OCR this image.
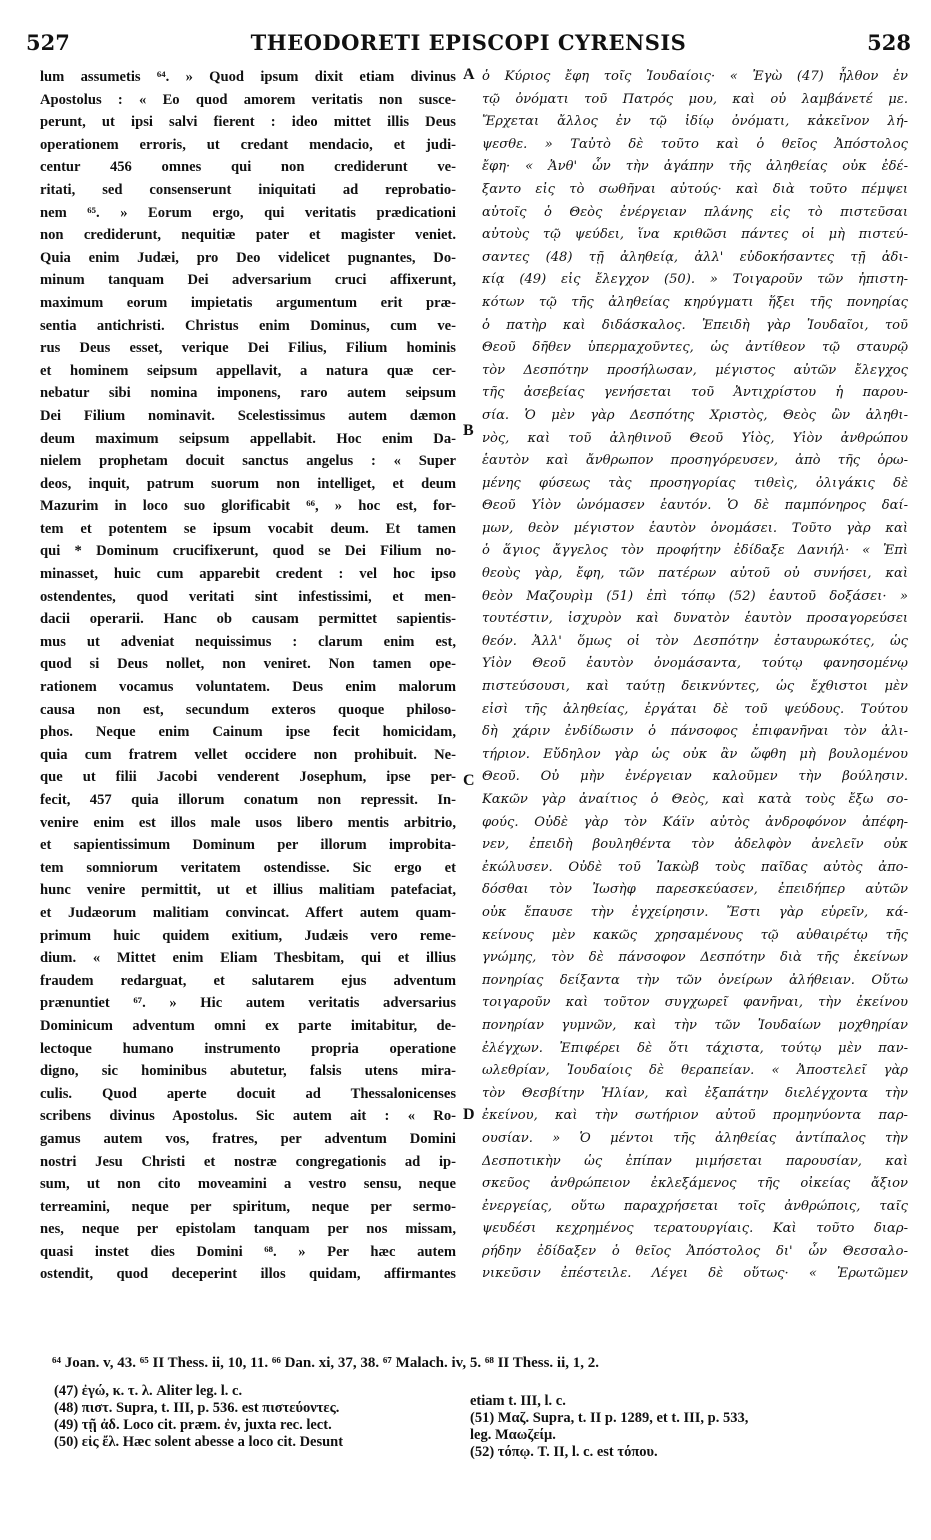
527	THEODORETI EPISCOPI CYRENSIS	528
lum assumetis ⁶⁴. » Quod ipsum dixit etiam divinus
Apostolus : « Eo quod amorem veritatis non susce-
perunt, ut ipsi salvi fierent : ideo mittet illis Deus
operationem erroris, ut credant mendacio, et judi-
centur 456 omnes qui non crediderunt ve-
ritati, sed consenserunt iniquitati ad reprobatio-
nem ⁶⁵. » Eorum ergo, qui veritatis prædicationi
non crediderunt, nequitiæ pater et magister veniet.
Quia enim Judæi, pro Deo videlicet pugnantes, Do-
minum tanquam Dei adversarium cruci affixerunt,
maximum eorum impietatis argumentum erit præ-
sentia antichristi. Christus enim Dominus, cum ve-
rus Deus esset, verique Dei Filius, Filium hominis
et hominem seipsum appellavit, a natura quæ cer-
nebatur sibi nomina imponens, raro autem seipsum
Dei Filium nominavit. Scelestissimus autem dæmon
deum maximum seipsum appellabit. Hoc enim Da-
nielem prophetam docuit sanctus angelus : « Super
deos, inquit, patrum suorum non intelliget, et deum
Mazurim in loco suo glorificabit ⁶⁶, » hoc est, for-
tem et potentem se ipsum vocabit deum. Et tamen
qui * Dominum crucifixerunt, quod se Dei Filium no-
minasset, huic cum apparebit credent : vel hoc ipso
ostendentes, quod veritati sint infestissimi, et men-
dacii operarii. Hanc ob causam permittet sapientis-
mus ut adveniat nequissimus : clarum enim est,
quod si Deus nollet, non veniret. Non tamen ope-
rationem vocamus voluntatem. Deus enim malorum
causa non est, secundum exteros quoque philoso-
phos. Neque enim Cainum ipse fecit homicidam,
quia cum fratrem vellet occidere non prohibuit. Ne-
que ut filii Jacobi venderent Josephum, ipse per-
fecit, 457 quia illorum conatum non repressit. In-
venire enim est illos male usos libero mentis arbitrio,
et sapientissimum Dominum per illorum improbita-
tem somniorum veritatem ostendisse. Sic ergo et
hunc venire permittit, ut et illius malitiam patefaciat,
et Judæorum malitiam convincat. Affert autem quam-
primum huic quidem exitium, Judæis vero reme-
dium. « Mittet enim Eliam Thesbitam, qui et illius
fraudem redarguat, et salutarem ejus adventum
prænuntiet ⁶⁷. » Hic autem veritatis adversarius
Dominicum adventum omni ex parte imitabitur, de-
lectoque humano instrumento propria operatione
digno, sic hominibus abutetur, falsis utens mira-
culis. Quod aperte docuit ad Thessalonicenses
scribens divinus Apostolus. Sic autem ait : « Ro-
gamus autem vos, fratres, per adventum Domini
nostri Jesu Christi et nostræ congregationis ad ip-
sum, ut non cito moveamini a vestro sensu, neque
terreamini, neque per spiritum, neque per sermo-
nes, neque per epistolam tanquam per nos missam,
quasi instet dies Domini ⁶⁸. » Per hæc autem
ostendit, quod deceperint illos quidam, affirmantes
A
B
C
D
ὁ Κύριος ἔφη τοῖς Ἰουδαίοις· « Ἐγὼ (47) ἦλθον ἐν
τῷ ὀνόματι τοῦ Πατρός μου, καὶ οὐ λαμβάνετέ με.
Ἔρχεται ἄλλος ἐν τῷ ἰδίῳ ὀνόματι, κἀκεῖνον λή-
ψεσθε. » Ταὐτὸ δὲ τοῦτο καὶ ὁ θεῖος Ἀπόστολος
ἔφη· « Ἀνθ' ὧν τὴν ἀγάπην τῆς ἀληθείας οὐκ ἐδέ-
ξαντο εἰς τὸ σωθῆναι αὐτούς· καὶ διὰ τοῦτο πέμψει
αὐτοῖς ὁ Θεὸς ἐνέργειαν πλάνης εἰς τὸ πιστεῦσαι
αὐτοὺς τῷ ψεύδει, ἵνα κριθῶσι πάντες οἱ μὴ πιστεύ-
σαντες (48) τῇ ἀληθείᾳ, ἀλλ' εὐδοκήσαντες τῇ ἀδι-
κίᾳ (49) εἰς ἔλεγχον (50). » Τοιγαροῦν τῶν ἠπιστη-
κότων τῷ τῆς ἀληθείας κηρύγματι ἥξει τῆς πονηρίας
ὁ πατὴρ καὶ διδάσκαλος. Ἐπειδὴ γὰρ Ἰουδαῖοι, τοῦ
Θεοῦ δῆθεν ὑπερμαχοῦντες, ὡς ἀντίθεον τῷ σταυρῷ
τὸν Δεσπότην προσήλωσαν, μέγιστος αὐτῶν ἔλεγχος
τῆς ἀσεβείας γενήσεται τοῦ Ἀντιχρίστου ἡ παρου-
σία. Ὁ μὲν γὰρ Δεσπότης Χριστὸς, Θεὸς ὢν ἀληθι-
νὸς, καὶ τοῦ ἀληθινοῦ Θεοῦ Υἱὸς, Υἱὸν ἀνθρώπου
ἑαυτὸν καὶ ἄνθρωπον προσηγόρευσεν, ἀπὸ τῆς ὁρω-
μένης φύσεως τὰς προσηγορίας τιθεὶς, ὀλιγάκις δὲ
Θεοῦ Υἱὸν ὠνόμασεν ἑαυτόν. Ὁ δὲ παμπόνηρος δαί-
μων, θεὸν μέγιστον ἑαυτὸν ὀνομάσει. Τοῦτο γὰρ καὶ
ὁ ἅγιος ἄγγελος τὸν προφήτην ἐδίδαξε Δανιήλ· « Ἐπὶ
θεοὺς γὰρ, ἔφη, τῶν πατέρων αὐτοῦ οὐ συνήσει, καὶ
θεὸν Μαζουρὶμ (51) ἐπὶ τόπῳ (52) ἑαυτοῦ δοξάσει· »
τουτέστιν, ἰσχυρὸν καὶ δυνατὸν ἑαυτὸν προσαγορεύσει
θεόν. Ἀλλ' ὅμως οἱ τὸν Δεσπότην ἐσταυρωκότες, ὡς
Υἱὸν Θεοῦ ἑαυτὸν ὀνομάσαντα, τούτῳ φανησομένῳ
πιστεύσουσι, καὶ ταύτῃ δεικνύντες, ὡς ἔχθιστοι μὲν
εἰσὶ τῆς ἀληθείας, ἐργάται δὲ τοῦ ψεύδους. Τούτου
δὴ χάριν ἐνδίδωσιν ὁ πάνσοφος ἐπιφανῆναι τὸν ἀλι-
τήριον. Εὔδηλον γὰρ ὡς οὐκ ἂν ὤφθη μὴ βουλομένου
Θεοῦ. Οὐ μὴν ἐνέργειαν καλοῦμεν τὴν βούλησιν.
Κακῶν γὰρ ἀναίτιος ὁ Θεὸς, καὶ κατὰ τοὺς ἔξω σο-
φούς. Οὐδὲ γὰρ τὸν Κάϊν αὐτὸς ἀνδροφόνον ἀπέφη-
νεν, ἐπειδὴ βουληθέντα τὸν ἀδελφὸν ἀνελεῖν οὐκ
ἐκώλυσεν. Οὐδὲ τοῦ Ἰακὼβ τοὺς παῖδας αὐτὸς ἀπο-
δόσθαι τὸν Ἰωσὴφ παρεσκεύασεν, ἐπειδήπερ αὐτῶν
οὐκ ἔπαυσε τὴν ἐγχείρησιν. Ἔστι γὰρ εὑρεῖν, κά-
κείνους μὲν κακῶς χρησαμένους τῷ αὐθαιρέτῳ τῆς
γνώμης, τὸν δὲ πάνσοφον Δεσπότην διὰ τῆς ἐκείνων
πονηρίας δείξαντα τὴν τῶν ὀνείρων ἀλήθειαν. Οὕτω
τοιγαροῦν καὶ τοῦτον συγχωρεῖ φανῆναι, τὴν ἐκείνου
πονηρίαν γυμνῶν, καὶ τὴν τῶν Ἰουδαίων μοχθηρίαν
ἐλέγχων. Ἐπιφέρει δὲ ὅτι τάχιστα, τούτῳ μὲν παν-
ωλεθρίαν, Ἰουδαίοις δὲ θεραπείαν. « Ἀποστελεῖ γὰρ
τὸν Θεσβίτην Ἠλίαν, καὶ ἐξαπάτην διελέγχοντα τὴν
ἐκείνου, καὶ τὴν σωτήριον αὐτοῦ προμηνύοντα παρ-
ουσίαν. » Ὁ μέντοι τῆς ἀληθείας ἀντίπαλος τὴν
Δεσποτικὴν ὡς ἐπίπαν μιμήσεται παρουσίαν, καὶ
σκεῦος ἀνθρώπειον ἐκλεξάμενος τῆς οἰκείας ἄξιον
ἐνεργείας, οὕτω παραχρήσεται τοῖς ἀνθρώποις, ταῖς
ψευδέσι κεχρημένος τερατουργίαις. Καὶ τοῦτο διαρ-
ρήδην ἐδίδαξεν ὁ θεῖος Ἀπόστολος δι' ὧν Θεσσαλο-
νικεῦσιν ἐπέστειλε. Λέγει δὲ οὕτως· « Ἐρωτῶμεν
⁶⁴ Joan. v, 43. ⁶⁵ II Thess. ii, 10, 11. ⁶⁶ Dan. xi, 37, 38. ⁶⁷ Malach. iv, 5. ⁶⁸ II Thess. ii, 1, 2.
(47) ἐγώ, κ. τ. λ. Aliter leg. l. c.
(48) πιστ. Supra, t. III, p. 536. est πιστεύοντες.
(49) τῇ ἀδ. Loco cit. præm. ἐν, juxta rec. lect.
(50) εἰς ἔλ. Hæc solent abesse a loco cit. Desunt
etiam t. III, l. c.
(51) Μαζ. Supra, t. II p. 1289, et t. III, p. 533,
leg. Μαωζείμ.
(52) τόπῳ. T. II, l. c. est τόπου.
